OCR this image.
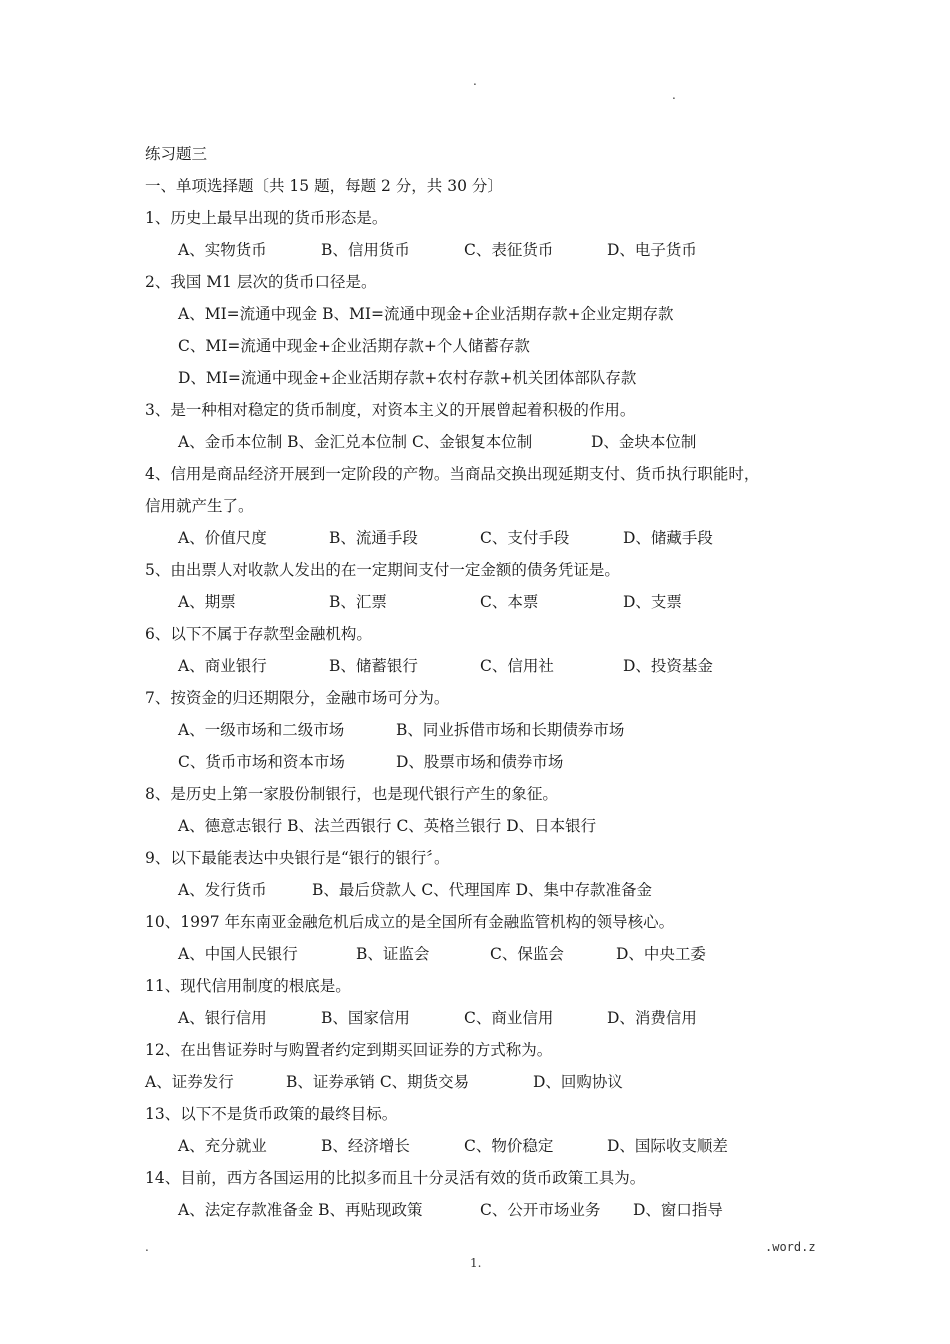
.
.
练习题三
一、单项选择题〔共 15 题，每题 2 分，共 30 分〕
1、历史上最早出现的货币形态是。
A、实物货币	B、信用货币	C、表征货币	D、电子货币
2、我国 M1 层次的货币口径是。
A、MI=流通中现金 B、MI=流通中现金+企业活期存款+企业定期存款
C、MI=流通中现金+企业活期存款+个人储蓄存款
D、MI=流通中现金+企业活期存款+农村存款+机关团体部队存款
3、是一种相对稳定的货币制度，对资本主义的开展曾起着积极的作用。
A、金币本位制 B、金汇兑本位制 C、金银复本位制	D、金块本位制
4、信用是商品经济开展到一定阶段的产物。当商品交换出现延期支付、货币执行职能时，
信用就产生了。
A、价值尺度	B、流通手段	C、支付手段	D、储藏手段
5、由出票人对收款人发出的在一定期间支付一定金额的债务凭证是。
A、期票	B、汇票	C、本票	D、支票
6、以下不属于存款型金融机构。
A、商业银行	B、储蓄银行	C、信用社	D、投资基金
7、按资金的归还期限分，金融市场可分为。
A、一级市场和二级市场	B、同业拆借市场和长期债券市场
C、货币市场和资本市场	D、股票市场和债券市场
8、是历史上第一家股份制银行，也是现代银行产生的象征。
A、德意志银行 B、法兰西银行 C、英格兰银行 D、日本银行
9、以下最能表达中央银行是“银行的银行〞。
A、发行货币	B、最后贷款人 C、代理国库 D、集中存款准备金
10、1997 年东南亚金融危机后成立的是全国所有金融监管机构的领导核心。
A、中国人民银行	B、证监会	C、保监会	D、中央工委
11、现代信用制度的根底是。
A、银行信用	B、国家信用	C、商业信用	D、消费信用
12、在出售证券时与购置者约定到期买回证券的方式称为。
A、证券发行	B、证券承销 C、期货交易	D、回购协议
13、以下不是货币政策的最终目标。
A、充分就业	B、经济增长	C、物价稳定	D、国际收支顺差
14、目前，西方各国运用的比拟多而且十分灵活有效的货币政策工具为。
A、法定存款准备金 B、再贴现政策	C、公开市场业务 D、窗口指导
.	.word.z
1.
